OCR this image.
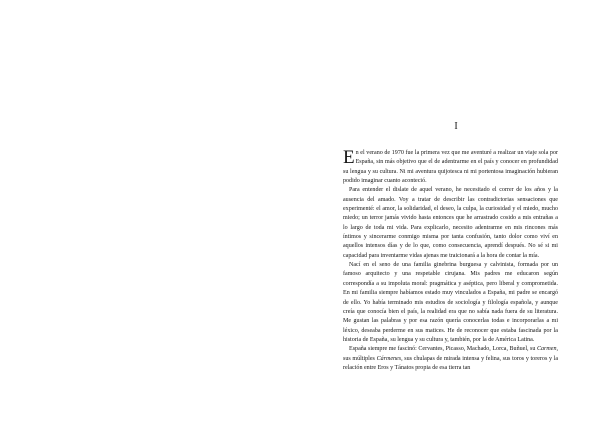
I

En el verano de 1970 fue la primera vez que me aventuré a realizar un viaje sola por España, sin más objetivo que el de adentrarme en el país y conocer en profundidad su lengua y su cultura. Ni mi aventura quijotesca ni mi portentosa imaginación hubieran podido imaginar cuanto aconteció.

Para entender el dislate de aquel verano, he necesitado el correr de los años y la ausencia del amado. Voy a tratar de describir las contradictorias sensaciones que experimenté: el amor, la solidaridad, el deseo, la culpa, la curiosidad y el miedo, mucho miedo; un terror jamás vivido hasta entonces que he arrastrado cosido a mis entrañas a lo largo de toda mi vida. Para explicarlo, necesito adentrarme en mis rincones más íntimos y sincerarme conmigo misma por tanta confusión, tanto dolor como viví en aquellos intensos días y de lo que, como consecuencia, aprendí después. No sé si mi capacidad para inventarme vidas ajenas me traicionará a la hora de contar la mía.

Nací en el seno de una familia ginebrina burguesa y calvinista, formada por un famoso arquitecto y una respetable cirujana. Mis padres me educaron según correspondía a su impoluta moral: pragmática y aséptica, pero liberal y comprometida. En mi familia siempre habíamos estado muy vinculados a España, mi padre se encargó de ello. Yo había terminado mis estudios de sociología y filología española, y aunque creía que conocía bien el país, la realidad era que no sabía nada fuera de su literatura. Me gustan las palabras y por esa razón quería conocerlas todas e incorporarlas a mi léxico, deseaba perderme en sus matices. He de reconocer que estaba fascinada por la historia de España, su lengua y su cultura y, también, por la de América Latina.

España siempre me fascinó: Cervantes, Picasso, Machado, Lorca, Buñuel, su Carmen, sus múltiples Cármenes, sus chulapas de mirada intensa y felina, sus toros y toreros y la relación entre Eros y Tánatos propia de esa tierra tan
